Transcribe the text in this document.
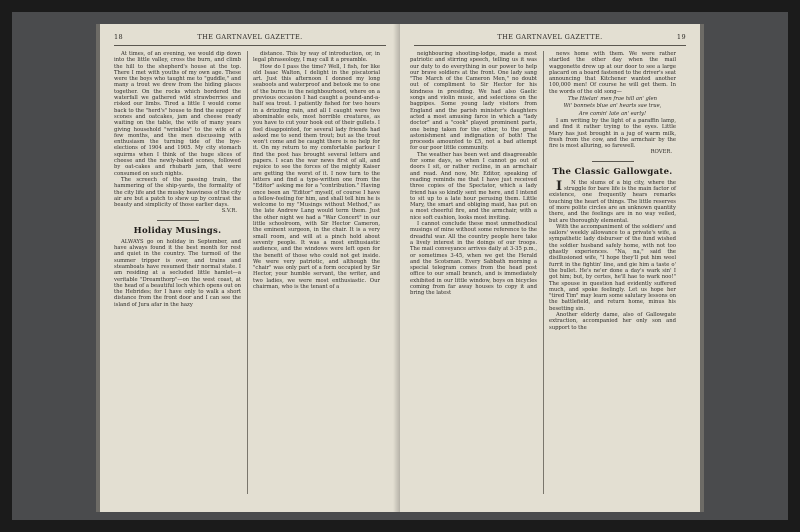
18	THE GARTNAVEL GAZETTE.

At times, of an evening, we would dip down into the little valley, cross the burn, and climb the hill to the shepherd's house at the top. There I met with youths of my own age. These were the boys who taught me to "guddle," and many a trout we drew from the hiding places together. On the rocks which bordered the waterfall we gathered wild strawberries and risked our limbs. Tired a little I would come back to the "herd's" house to find the supper of scones and oatcakes, jam and cheese ready waiting on the table, the wife of many years giving household "wrinkles" to the wife of a few months, and the men discussing with enthusiasm the turning tide of the bye-elections of 1904 and 1905. My city stomach squirms when I think of the huge slices of cheese and the newly-baked scones, followed by oat-cakes and rhubarb jam, that were consumed on such nights.

The screech of the passing train, the hammering of the ship-yards, the formality of the city life and the musky heaviness of the city air are but a patch to shew up by contrast the beauty and simplicity of those earlier days.

S.V.R.

Holiday Musings.

ALWAYS go on holiday in September, and have always found it the best month for rest and quiet in the country. The turmoil of the summer tripper is over, and trains and steamboats have resumed their normal state. I am residing at a secluded little hamlet—a veritable "Dreamthorp"—on the west coast, at the head of a beautiful loch which opens out on the Hebrides; for I have only to walk a short distance from the front door and I can see the island of Jura afar in the hazy

distance. This by way of introduction, or, in legal phraseology, I may call it a preamble.

How do I pass the time? Well, I fish, for like old Isaac Walton, I delight in the piscatorial art. Just this afternoon I donned my long seaboots and waterproof and betook me to one of the burns in the neighbourhood, where on a previous occasion I had caught a pound-and-a-half sea trout. I patiently fished for two hours in a drizzling rain, and all I caught were two abominable eels, most horrible creatures, as you have to cut your hook out of their gullets. I feel disappointed, for several lady friends had asked me to send them trout; but as the trout won't come and be caught there is no help for it. On my return to my comfortable parlour I find the post has brought several letters and papers. I scan the war news first of all, and rejoice to see the forces of the mighty Kaiser are getting the worst of it. I now turn to the letters and find a type-written one from the "Editor" asking me for a "contribution." Having once been an "Editor" myself, of course I have a fellow-feeling for him, and shall tell him he is welcome to my "Musings without Method," as the late Andrew Lang would term them. Just the other night we had a "War Concert" in our little schoolroom, with Sir Hector Cameron, the eminent surgeon, in the chair. It is a very small room, and will at a pinch hold about seventy people. It was a most enthusiastic audience, and the windows were left open for the benefit of those who could not get inside. We were very patriotic, and although the "chair" was only part of a form occupied by Sir Hector, your humble servant, the writer, and two ladies, we were most enthusiastic. Our chairman, who is the tenant of a

THE GARTNAVEL GAZETTE.	19

neighbouring shooting-lodge, made a most patriotic and stirring speech, telling us it was our duty to do everything in our power to help our brave soldiers at the front. One lady sang "The March of the Cameron Men," no doubt out of compliment to Sir Hector for his kindness in presiding. We had also Gaelic songs and violin music, and selections on the bagpipes. Some young lady visitors from England and the parish minister's daughters acted a most amusing farce in which a "lady doctor" and a "cook" played prominent parts, one being taken for the other, to the great astonishment and indignation of both! The proceeds amounted to £5, not a bad attempt for our poor little community.

The weather has been wet and disagreeable for some days, so when I cannot go out of doors I sit, or rather recline, in an armchair and read. And now, Mr. Editor, speaking of reading reminds me that I have just received three copies of the Spectator, which a lady friend has so kindly sent me here, and I intend to sit up to a late hour perusing them. Little Mary, the smart and obliging maid, has put on a most cheerful fire, and the armchair, with a nice soft cushion, looks most inviting.

I cannot conclude these most unmethodical musings of mine without some reference to the dreadful war. All the country people here take a lively interest in the doings of our troops. The mail conveyance arrives daily at 3-35 p.m., or sometimes 3-45, when we get the Herald and the Scotsman. Every Sabbath morning a special telegram comes from the head post office to our small branch, and is immediately exhibited in our little window, boys on bicycles coming from far away houses to copy it and bring the latest

news home with them. We were rather startled the other day when the mail waggonette drew up at our door to see a large placard on a board fastened to the driver's seat announcing that Kitchener wanted another 100,000 men! Of course he will get them. In the words of the old song—

The Hielan' men frae hill an' glen
Wi' bonnets blue an' hearts sae true,
Are comin' late an' early!

I am writing by the light of a paraffin lamp, and find it rather trying to the eyes. Little Mary has just brought in a jug of warm milk, fresh from the cow, and the armchair by the fire is most alluring, so farewell.

ROVER.

The Classic Gallowgate.

I	N the slums of a big city, where the struggle for bare life is the main factor of existence, one frequently hears remarks touching the heart of things. The little reserves of more polite circles are an unknown quantity there, and the feelings are in no way veiled, but are thoroughly elemental.

With the accompaniment of the soldiers' and sailors' weekly allowance to a private's wife, a sympathetic lady disburser of the fund wished the soldier husband safely home, with not too ghastly experiences. "Na, na," said the disillusioned wife, "I hope they'll put him weel furrit in the fightin' line, and gie him a taste o' the bullet. He's ne'er done a day's wark sin' I got him; but, by certes, he'll hae to wark noo!" The spouse in question had evidently suffered much, and spoke feelingly. Let us hope her "tired Tim" may learn some salutary lessons on the battlefield, and return home, minus his besetting sin.

Another elderly dame, also of Gallowgate extraction, accompanied her only son and support to the
